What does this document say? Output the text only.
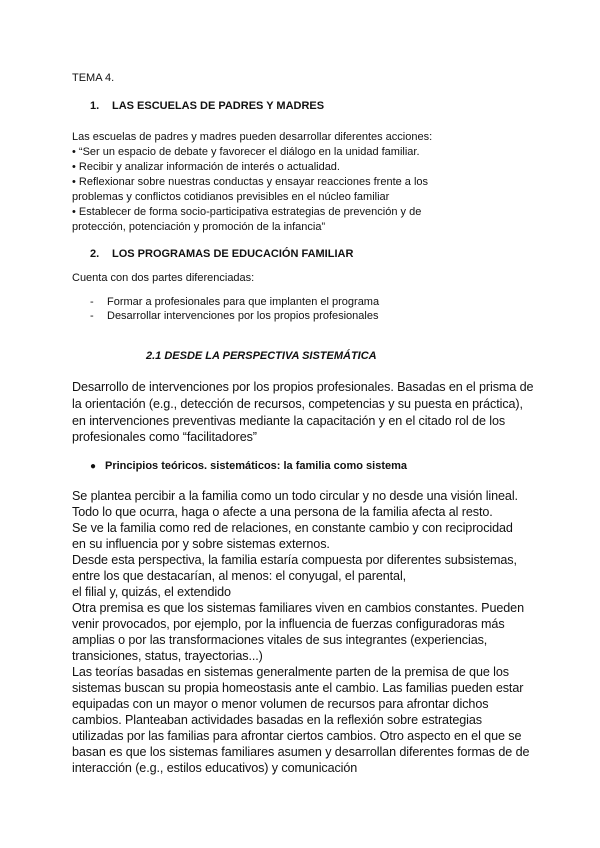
TEMA 4.
1. LAS ESCUELAS DE PADRES Y MADRES
Las escuelas de padres y madres pueden desarrollar diferentes acciones:
• “Ser un espacio de debate y favorecer el diálogo en la unidad familiar.
• Recibir y analizar información de interés o actualidad.
• Reflexionar sobre nuestras conductas y ensayar reacciones frente a los
problemas y conflictos cotidianos previsibles en el núcleo familiar
• Establecer de forma socio-participativa estrategias de prevención y de
protección, potenciación y promoción de la infancia”
2. LOS PROGRAMAS DE EDUCACIÓN FAMILIAR
Cuenta con dos partes diferenciadas:
- Formar a profesionales para que implanten el programa
- Desarrollar intervenciones por los propios profesionales
2.1 DESDE LA PERSPECTIVA SISTEMÁTICA
Desarrollo de intervenciones por los propios profesionales. Basadas en el prisma de
la orientación (e.g., detección de recursos, competencias y su puesta en práctica),
en intervenciones preventivas mediante la capacitación y en el citado rol de los
profesionales como “facilitadores”
● Principios teóricos. sistemáticos: la familia como sistema
Se plantea percibir a la familia como un todo circular y no desde una visión lineal.
Todo lo que ocurra, haga o afecte a una persona de la familia afecta al resto.
Se ve la familia como red de relaciones, en constante cambio y con reciprocidad
en su influencia por y sobre sistemas externos.
Desde esta perspectiva, la familia estaría compuesta por diferentes subsistemas,
entre los que destacarían, al menos: el conyugal, el parental,
el filial y, quizás, el extendido
Otra premisa es que los sistemas familiares viven en cambios constantes. Pueden
venir provocados, por ejemplo, por la influencia de fuerzas configuradoras más
amplias o por las transformaciones vitales de sus integrantes (experiencias,
transiciones, status, trayectorias...)
Las teorías basadas en sistemas generalmente parten de la premisa de que los
sistemas buscan su propia homeostasis ante el cambio. Las familias pueden estar
equipadas con un mayor o menor volumen de recursos para afrontar dichos
cambios. Planteaban actividades basadas en la reflexión sobre estrategias
utilizadas por las familias para afrontar ciertos cambios. Otro aspecto en el que se
basan es que los sistemas familiares asumen y desarrollan diferentes formas de de
interacción (e.g., estilos educativos) y comunicación
